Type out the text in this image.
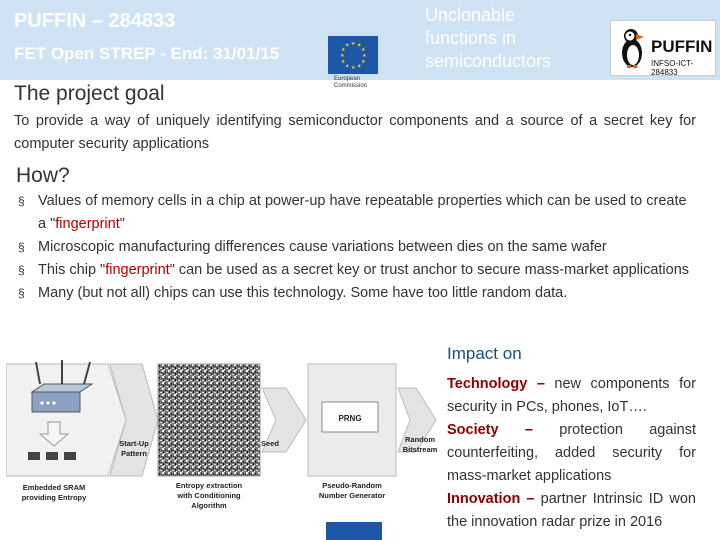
PUFFIN – 284833
FET Open STREP - End: 31/01/15	★ ★
★
★
★
★
★
★
★
★
★
★
European
Commission
Unclonable
functions in
semiconductors
PUFFIN
INFSO-ICT-284833
The project goal
To provide a way of uniquely identifying semiconductor components and a source of a secret key for computer security applications
How?
§ Values of memory cells in a chip at power-up have repeatable properties which can be used to create a "fingerprint"
§ Microscopic manufacturing differences cause variations between dies on the same wafer
§ This chip "fingerprint" can be used as a secret key or trust anchor to secure mass-market applications
§ Many (but not all) chips can use this technology. Some have too little random data.
Embedded SRAM
providing Entropy
Start-Up
Pattern
Entropy extraction
with Conditioning
Algorithm
Seed
PRNG
Pseudo-Random
Number Generator
Random
Bitstream
Impact on

Technology – new components for security in PCs, phones, IoT….

Society – protection against counterfeiting, added security for mass-market applications

Innovation – partner Intrinsic ID won the innovation radar prize in 2016
